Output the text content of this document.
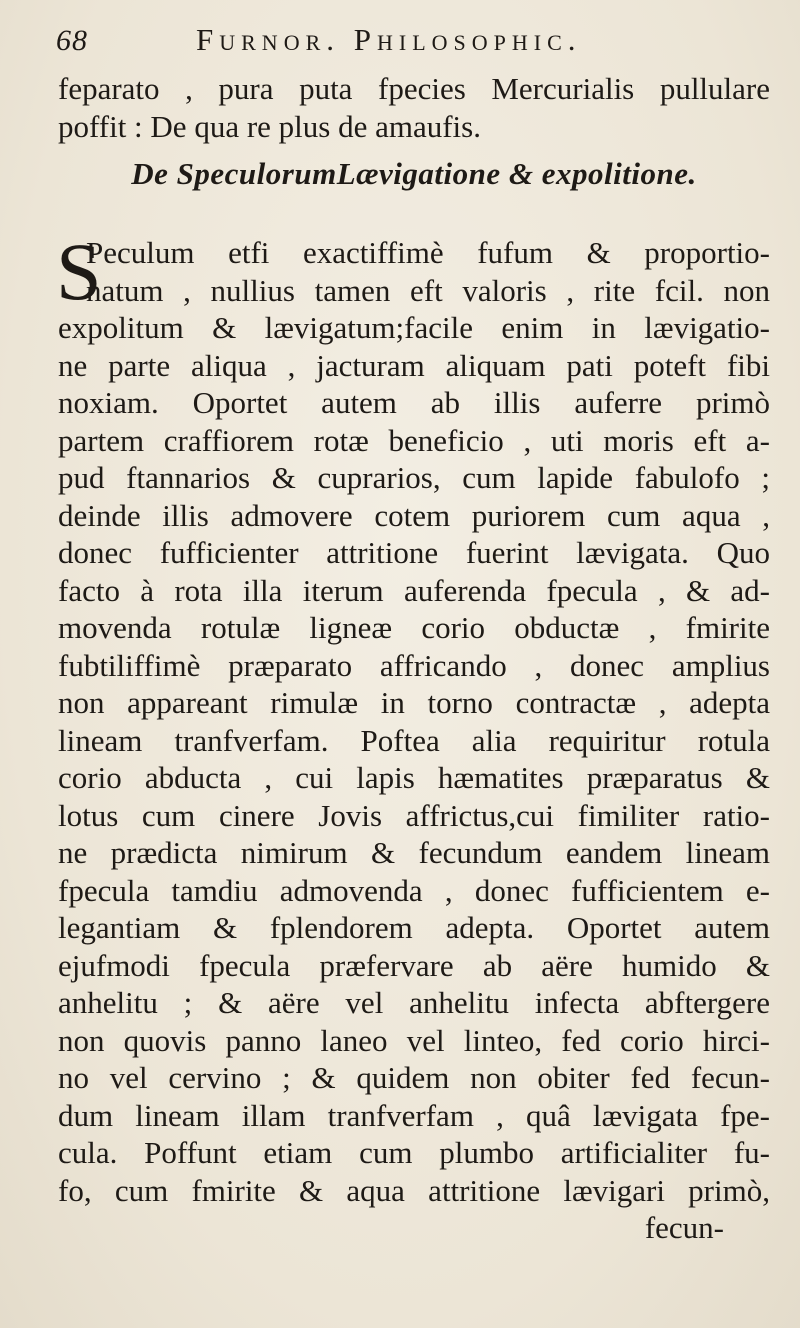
68	Furnor. Philosophic.
feparato , pura puta fpecies Mercurialis pullulare
poffit : De qua re plus de amaufis.
De SpeculorumLævigatione & expolitione.
S
Peculum etfi exactiffimè fufum & proportio-
natum , nullius tamen eft valoris , rite fcil. non
expolitum & lævigatum;facile enim in lævigatio-
ne parte aliqua , jacturam aliquam pati poteft fibi
noxiam. Oportet autem ab illis auferre primò
partem craffiorem rotæ beneficio , uti moris eft a-
pud ftannarios & cuprarios, cum lapide fabulofo ;
deinde illis admovere cotem puriorem cum aqua ,
donec fufficienter attritione fuerint lævigata. Quo
facto à rota illa iterum auferenda fpecula , & ad-
movenda rotulæ ligneæ corio obductæ , fmirite
fubtiliffimè præparato affricando , donec amplius
non appareant rimulæ in torno contractæ , adepta
lineam tranfverfam. Poftea alia requiritur rotula
corio abducta , cui lapis hæmatites præparatus &
lotus cum cinere Jovis affrictus,cui fimiliter ratio-
ne prædicta nimirum & fecundum eandem lineam
fpecula tamdiu admovenda , donec fufficientem e-
legantiam & fplendorem adepta. Oportet autem
ejufmodi fpecula præfervare ab aëre humido &
anhelitu ; & aëre vel anhelitu infecta abftergere
non quovis panno laneo vel linteo, fed corio hirci-
no vel cervino ; & quidem non obiter fed fecun-
dum lineam illam tranfverfam , quâ lævigata fpe-
cula. Poffunt etiam cum plumbo artificialiter fu-
fo, cum fmirite & aqua attritione lævigari primò,
fecun-
